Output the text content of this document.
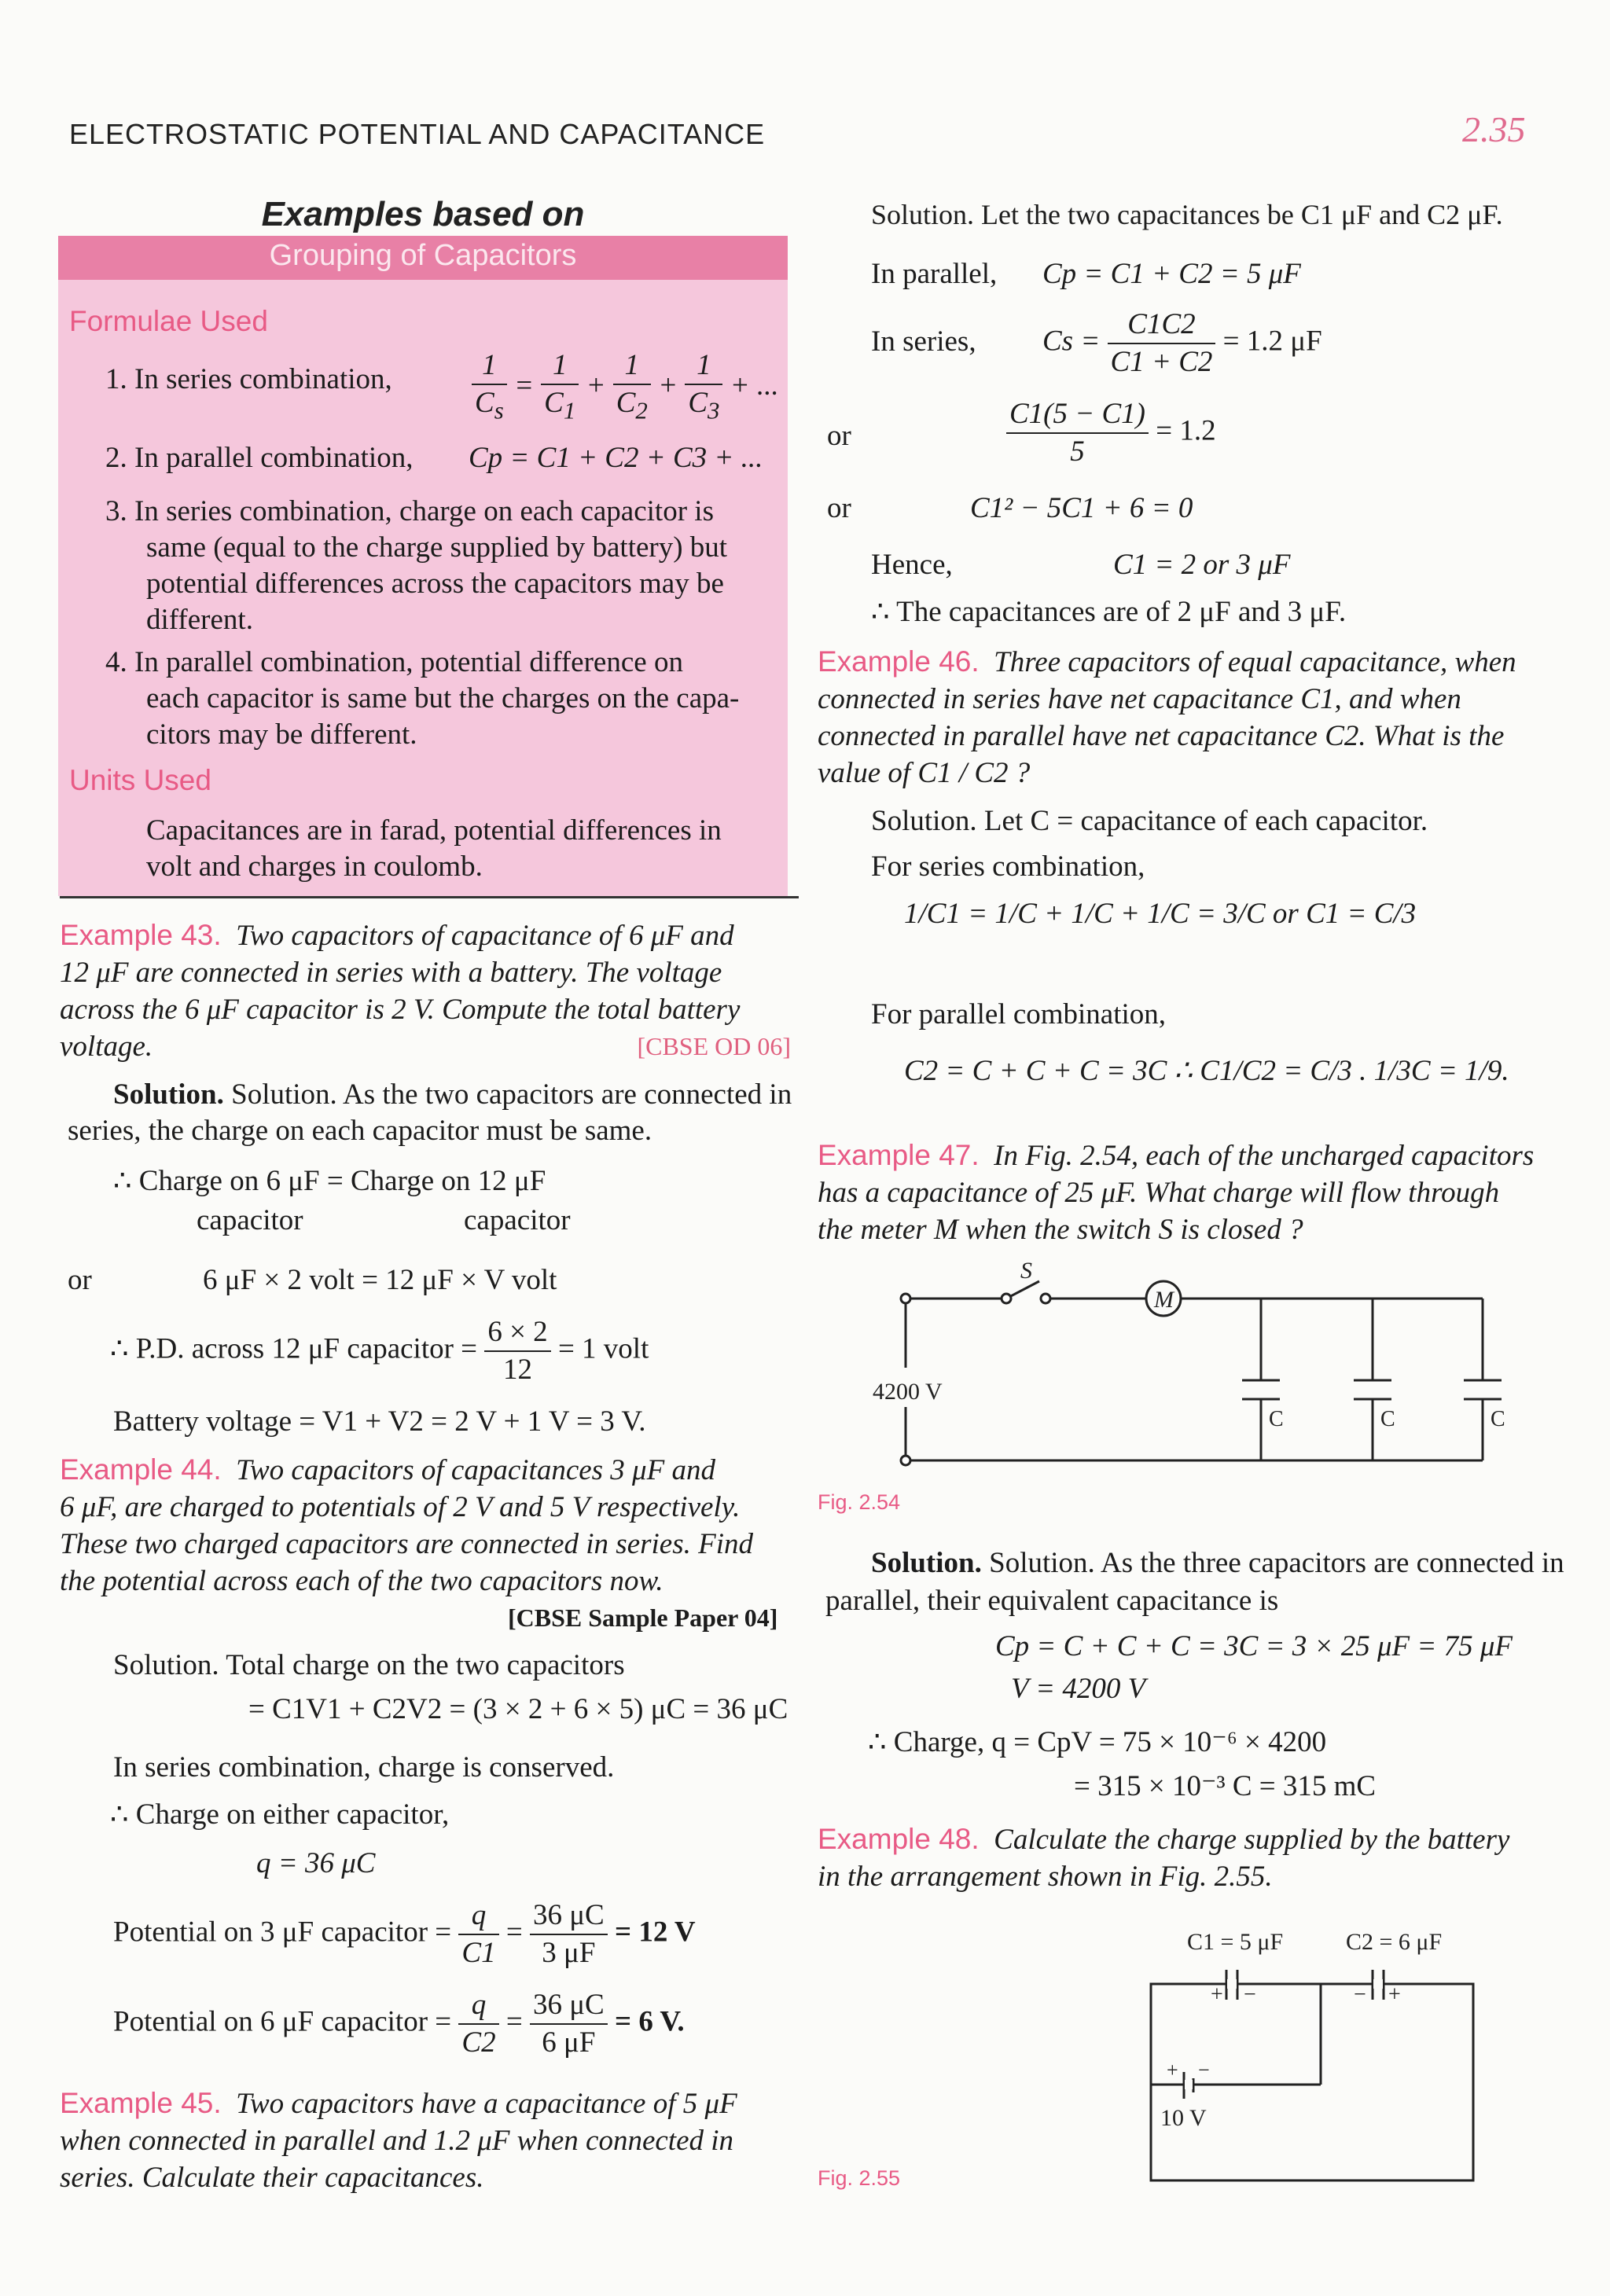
ELECTROSTATIC POTENTIAL AND CAPACITANCE	2.35
Examples based on
Grouping of Capacitors
Formulae Used
1. In series combination,	$\frac{1}{C_s} = \frac{1}{C_1} + \frac{1}{C_2} + \frac{1}{C_3}$ + ...
2. In parallel combination, Cp = C1 + C2 + C3 + ...
3. In series combination, charge on each capacitor is
same (equal to the charge supplied by battery) but
potential differences across the capacitors may be
different.
4. In parallel combination, potential difference on
each capacitor is same but the charges on the capa-
citors may be different.
Units Used
Capacitances are in farad, potential differences in
volt and charges in coulomb.
Example 43. Two capacitors of capacitance of 6 μF and
12 μF are connected in series with a battery. The voltage
across the 6 μF capacitor is 2 V. Compute the total battery
voltage.	[CBSE OD 06]
Solution. Solution. As the two capacitors are connected in
series, the charge on each capacitor must be same.
∴ Charge on 6 μF = Charge on 12 μF
capacitor	capacitor
or	6 μF × 2 volt = 12 μF × V volt
∴ P.D. across 12 μF capacitor = $\frac{6 \times 2}{12} = 1$ volt
Battery voltage = V1 + V2 = 2 V + 1 V = 3 V.
Example 44. Two capacitors of capacitances 3 μF and
6 μF, are charged to potentials of 2 V and 5 V respectively.
These two charged capacitors are connected in series. Find
the potential across each of the two capacitors now.
[CBSE Sample Paper 04]
Solution. Total charge on the two capacitors
= C1V1 + C2V2 = (3 × 2 + 6 × 5) μC = 36 μC
In series combination, charge is conserved.
∴ Charge on either capacitor,
q = 36 μC
Potential on 3 μF capacitor = $\frac{q}{C1} = \frac{36 \mu C}{3 \mu F} = 12$ V
Potential on 6 μF capacitor = $\frac{q}{C2} = \frac{36 \mu C}{6 \mu F} = 6$ V.
Example 45. Two capacitors have a capacitance of 5 μF
when connected in parallel and 1.2 μF when connected in
series. Calculate their capacitances.
Solution. Let the two capacitances be C1 μF and C2 μF.
In parallel, Cp = C1 + C2 = 5 μF
In series, $Cs = \frac{C1C2}{C1 + C2} = 1.2$ μF
or	$\frac{C1(5 - C1)}{5} = 1.2$
or	C1² − 5C1 + 6 = 0
Hence,	C1 = 2 or 3 μF
∴ The capacitances are of 2 μF and 3 μF.
Example 46. Three capacitors of equal capacitance, when
connected in series have net capacitance C1, and when
connected in parallel have net capacitance C2. What is the
value of C1 / C2 ?
Solution. Let C = capacitance of each capacitor.
For series combination,
1/C1 = 1/C + 1/C + 1/C = 3/C or C1 = C/3
For parallel combination,
C2 = C + C + C = 3C ∴ C1/C2 = C/3 . 1/3C = 1/9.
Example 47. In Fig. 2.54, each of the uncharged capacitors
has a capacitance of 25 μF. What charge will flow through
the meter M when the switch S is closed ?
4200 V
S
M
C	C	C
Fig. 2.54
Solution. Solution. As the three capacitors are connected in
parallel, their equivalent capacitance is
Cp = C + C + C = 3C = 3 × 25 μF = 75 μF
V = 4200 V
∴ Charge, q = CpV = 75 × 10⁻⁶ × 4200
= 315 × 10⁻³ C = 315 mC
Example 48. Calculate the charge supplied by the battery
in the arrangement shown in Fig. 2.55.
+ −	− +
+ −
C1 = 5 μF	C2 = 6 μF
10 V
Fig. 2.55
